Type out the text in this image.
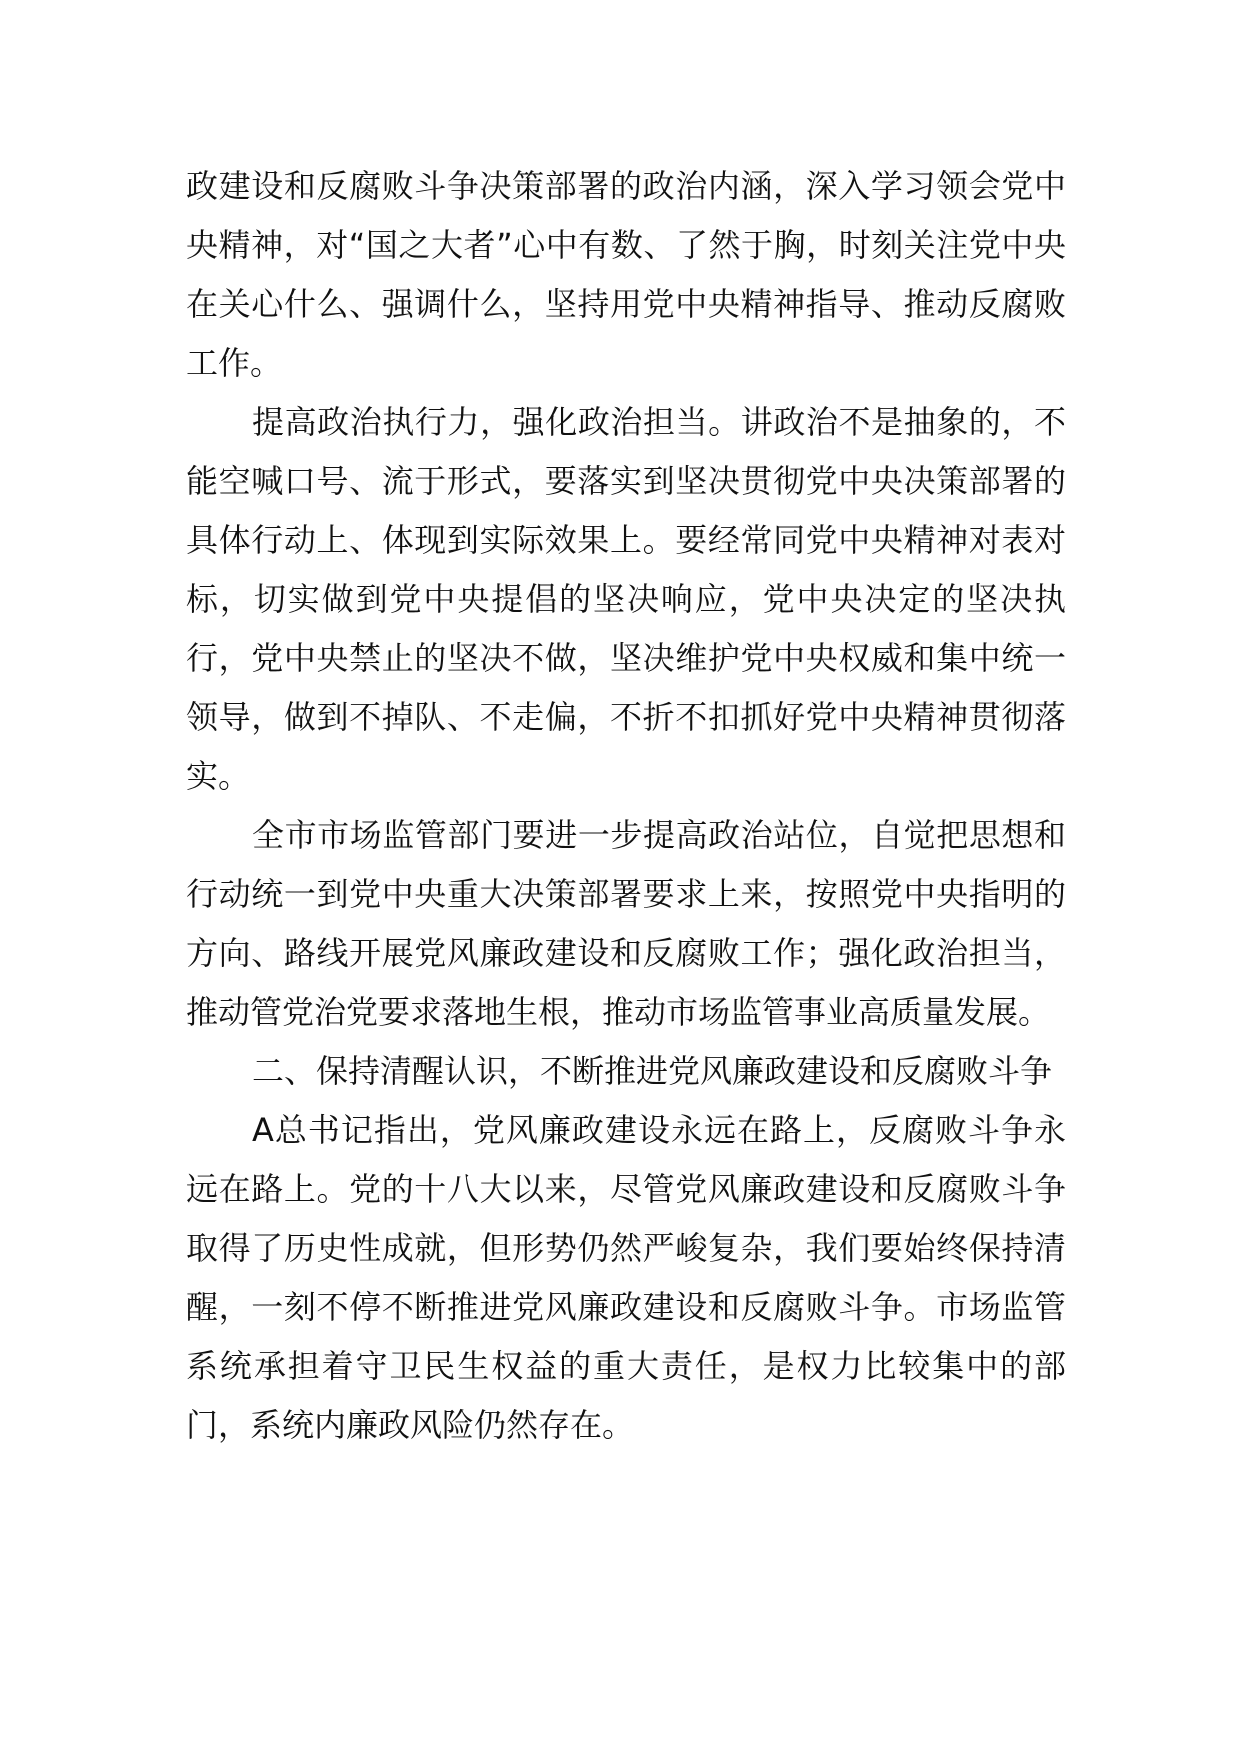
政建设和反腐败斗争决策部署的政治内涵，深入学习领会党中央精神，对“国之大者”心中有数、了然于胸，时刻关注党中央在关心什么、强调什么，坚持用党中央精神指导、推动反腐败工作。

提高政治执行力，强化政治担当。讲政治不是抽象的，不能空喊口号、流于形式，要落实到坚决贯彻党中央决策部署的具体行动上、体现到实际效果上。要经常同党中央精神对表对标，切实做到党中央提倡的坚决响应，党中央决定的坚决执行，党中央禁止的坚决不做，坚决维护党中央权威和集中统一领导，做到不掉队、不走偏，不折不扣抓好党中央精神贯彻落实。

全市市场监管部门要进一步提高政治站位，自觉把思想和行动统一到党中央重大决策部署要求上来，按照党中央指明的方向、路线开展党风廉政建设和反腐败工作；强化政治担当，推动管党治党要求落地生根，推动市场监管事业高质量发展。

二、保持清醒认识，不断推进党风廉政建设和反腐败斗争

A总书记指出，党风廉政建设永远在路上，反腐败斗争永远在路上。党的十八大以来，尽管党风廉政建设和反腐败斗争取得了历史性成就，但形势仍然严峻复杂，我们要始终保持清醒，一刻不停不断推进党风廉政建设和反腐败斗争。市场监管系统承担着守卫民生权益的重大责任，是权力比较集中的部门，系统内廉政风险仍然存在。
